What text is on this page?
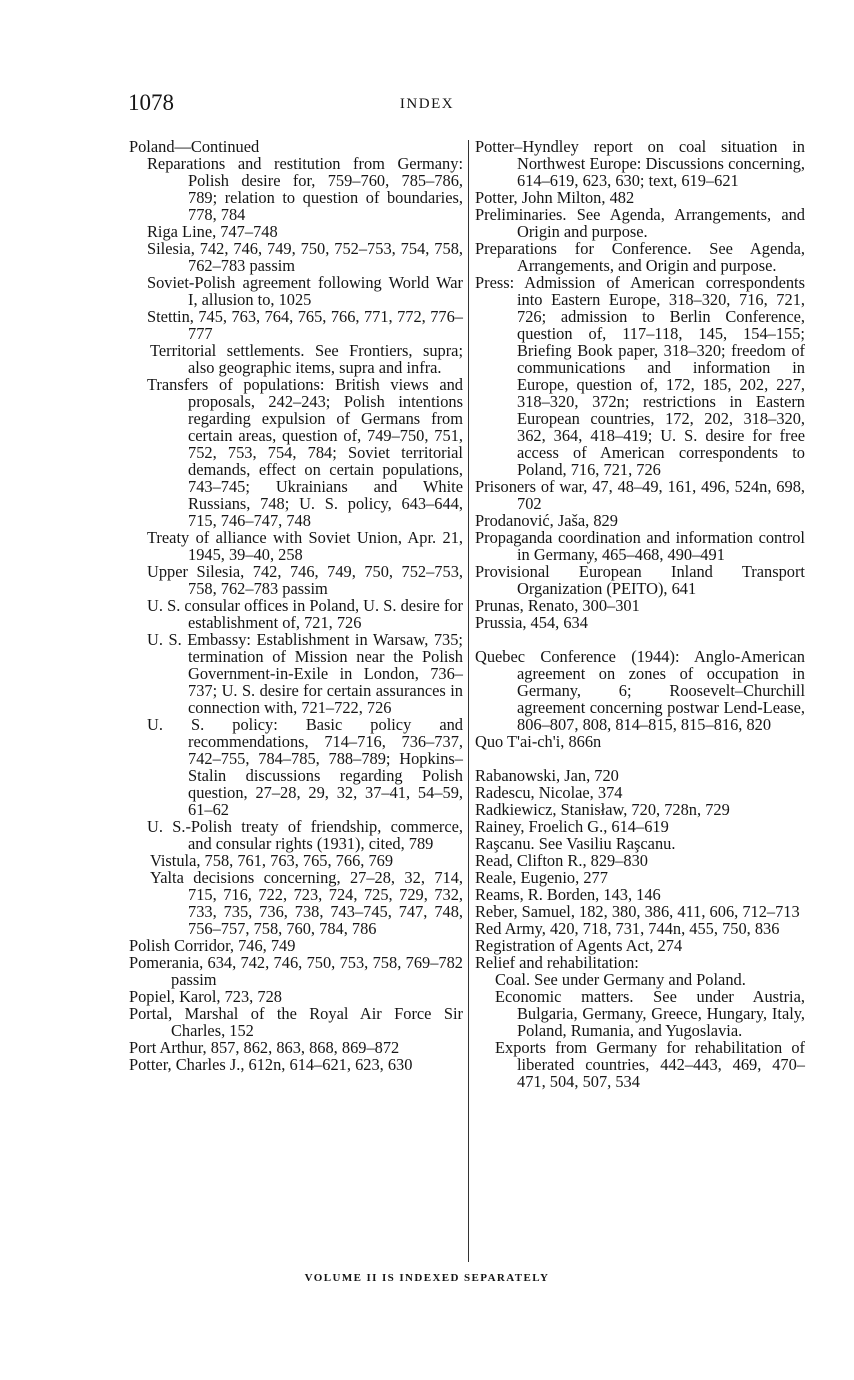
1078	INDEX

Poland—Continued

Reparations and restitution from Germany: Polish desire for, 759–760, 785–786, 789; relation to question of boundaries, 778, 784

Riga Line, 747–748

Silesia, 742, 746, 749, 750, 752–753, 754, 758, 762–783 passim

Soviet-Polish agreement following World War I, allusion to, 1025

Stettin, 745, 763, 764, 765, 766, 771, 772, 776–777

Territorial settlements. See Frontiers, supra; also geographic items, supra and infra.

Transfers of populations: British views and proposals, 242–243; Polish intentions regarding expulsion of Germans from certain areas, question of, 749–750, 751, 752, 753, 754, 784; Soviet territorial demands, effect on certain populations, 743–745; Ukrainians and White Russians, 748; U. S. policy, 643–644, 715, 746–747, 748

Treaty of alliance with Soviet Union, Apr. 21, 1945, 39–40, 258

Upper Silesia, 742, 746, 749, 750, 752–753, 758, 762–783 passim

U. S. consular offices in Poland, U. S. desire for establishment of, 721, 726

U. S. Embassy: Establishment in Warsaw, 735; termination of Mission near the Polish Government-in-Exile in London, 736–737; U. S. desire for certain assurances in connection with, 721–722, 726

U. S. policy: Basic policy and recommendations, 714–716, 736–737, 742–755, 784–785, 788–789; Hopkins–Stalin discussions regarding Polish question, 27–28, 29, 32, 37–41, 54–59, 61–62

U. S.-Polish treaty of friendship, commerce, and consular rights (1931), cited, 789

Vistula, 758, 761, 763, 765, 766, 769

Yalta decisions concerning, 27–28, 32, 714, 715, 716, 722, 723, 724, 725, 729, 732, 733, 735, 736, 738, 743–745, 747, 748, 756–757, 758, 760, 784, 786

Polish Corridor, 746, 749

Pomerania, 634, 742, 746, 750, 753, 758, 769–782 passim

Popiel, Karol, 723, 728

Portal, Marshal of the Royal Air Force Sir Charles, 152

Port Arthur, 857, 862, 863, 868, 869–872

Potter, Charles J., 612n, 614–621, 623, 630

Potter–Hyndley report on coal situation in Northwest Europe: Discussions concerning, 614–619, 623, 630; text, 619–621

Potter, John Milton, 482

Preliminaries. See Agenda, Arrangements, and Origin and purpose.

Preparations for Conference. See Agenda, Arrangements, and Origin and purpose.

Press: Admission of American correspondents into Eastern Europe, 318–320, 716, 721, 726; admission to Berlin Conference, question of, 117–118, 145, 154–155; Briefing Book paper, 318–320; freedom of communications and information in Europe, question of, 172, 185, 202, 227, 318–320, 372n; restrictions in Eastern European countries, 172, 202, 318–320, 362, 364, 418–419; U. S. desire for free access of American correspondents to Poland, 716, 721, 726

Prisoners of war, 47, 48–49, 161, 496, 524n, 698, 702

Prodanović, Jaša, 829

Propaganda coordination and information control in Germany, 465–468, 490–491

Provisional European Inland Transport Organization (PEITO), 641

Prunas, Renato, 300–301

Prussia, 454, 634

Quebec Conference (1944): Anglo-American agreement on zones of occupation in Germany, 6; Roosevelt–Churchill agreement concerning postwar Lend-Lease, 806–807, 808, 814–815, 815–816, 820

Quo T'ai-ch'i, 866n

Rabanowski, Jan, 720

Radescu, Nicolae, 374

Radkiewicz, Stanisław, 720, 728n, 729

Rainey, Froelich G., 614–619

Raşcanu. See Vasiliu Raşcanu.

Read, Clifton R., 829–830

Reale, Eugenio, 277

Reams, R. Borden, 143, 146

Reber, Samuel, 182, 380, 386, 411, 606, 712–713

Red Army, 420, 718, 731, 744n, 455, 750, 836

Registration of Agents Act, 274

Relief and rehabilitation:

Coal. See under Germany and Poland.

Economic matters. See under Austria, Bulgaria, Germany, Greece, Hungary, Italy, Poland, Rumania, and Yugoslavia.

Exports from Germany for rehabilitation of liberated countries, 442–443, 469, 470–471, 504, 507, 534

VOLUME II IS INDEXED SEPARATELY
